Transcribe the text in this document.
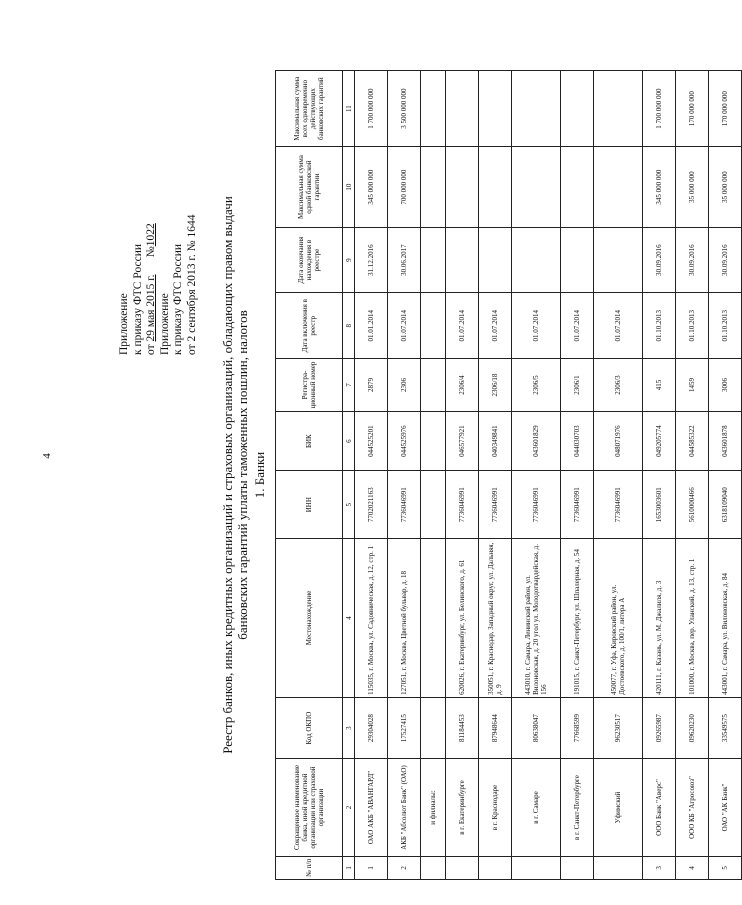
4
Приложение к приказу ФТС России от 29 мая 2015 г.      №1022
Приложение к приказу ФТС России от 2 сентября 2013 г. № 1644 Реестр банков, иных кредитных организаций и страховых организаций, обладающих правом выдачи банковских гарантий уплаты таможенных пошлин, налогов 1. Банки
№ п/п	Сокращенное наименование банка, иной кредитной организации или страховой организации	Код ОКПО	Местонахождение	ИНН	БИК	Регистра-ционный номер	Дата включения в реестр	Дата окончания нахождения в реестре	Максимальная сумма одной банковской гарантии	Максимальная сумма всех одновременно действующих банковских гарантий
1	2	3	4	5	6	7	8	9	10	11
1	ОАО АКБ "АВАНГАРД"	29304028	115035, г. Москва, ул. Садовническая, д. 12, стр. 1	7702021163	044525201	2879	01.01.2014	31.12.2016	345 000 000	1 700 000 000
2	АКБ "Абсолют Банк" (ОАО)	17527415	127051, г. Москва, Цветной бульвар, д. 18	7736046991	044525976	2306	01.07.2014	30.06.2017	700 000 000	3 500 000 000
	и филиалы:									
	в г. Екатеринбурге	81184453	620026, г. Екатеринбург, ул. Белинского, д. 61	7736046991	046577921	2306/4	01.07.2014			
	в г. Краснодаре	87948644	350051, г. Краснодар, Западный округ, ул. Дальняя, д. 9	7736046991	040349841	2306/18	01.07.2014			
	в г. Самаре	80638047	443010, г. Самара, Ленинский район, ул. Вилоновская, д. 20 угол ул. Молодогвардейская, д. 156	7736046991	043601829	2306/5	01.07.2014			
	в г. Санкт-Петербурге	77668599	191015, г. Санкт-Петербург, ул. Шпалерная, д. 54	7736046991	044030703	2306/1	01.07.2014			
	Уфимский	96230517	450077, г. Уфа, Кировский район, ул. Достоевского, д. 100/1, литера А	7736046991	048071976	2306/3	01.07.2014			
3	ООО Банк "Аверс"	09265987	420111, г. Казань, ул. М. Джалиля, д. 3	1653003601	049205774	415	01.10.2013	30.09.2016	345 000 000	1 700 000 000
4	ООО КБ "Агросоюз"	09620230	101000, г. Москва, пер. Уланский, д. 13, стр. 1	5610000466	044585322	1459	01.10.2013	30.09.2016	35 000 000	170 000 000
5	ОАО "АК Банк"	33549575	443001, г. Самара, ул. Вилоновская, д. 84	6318109040	043601878	3006	01.10.2013	30.09.2016	35 000 000	170 000 000
